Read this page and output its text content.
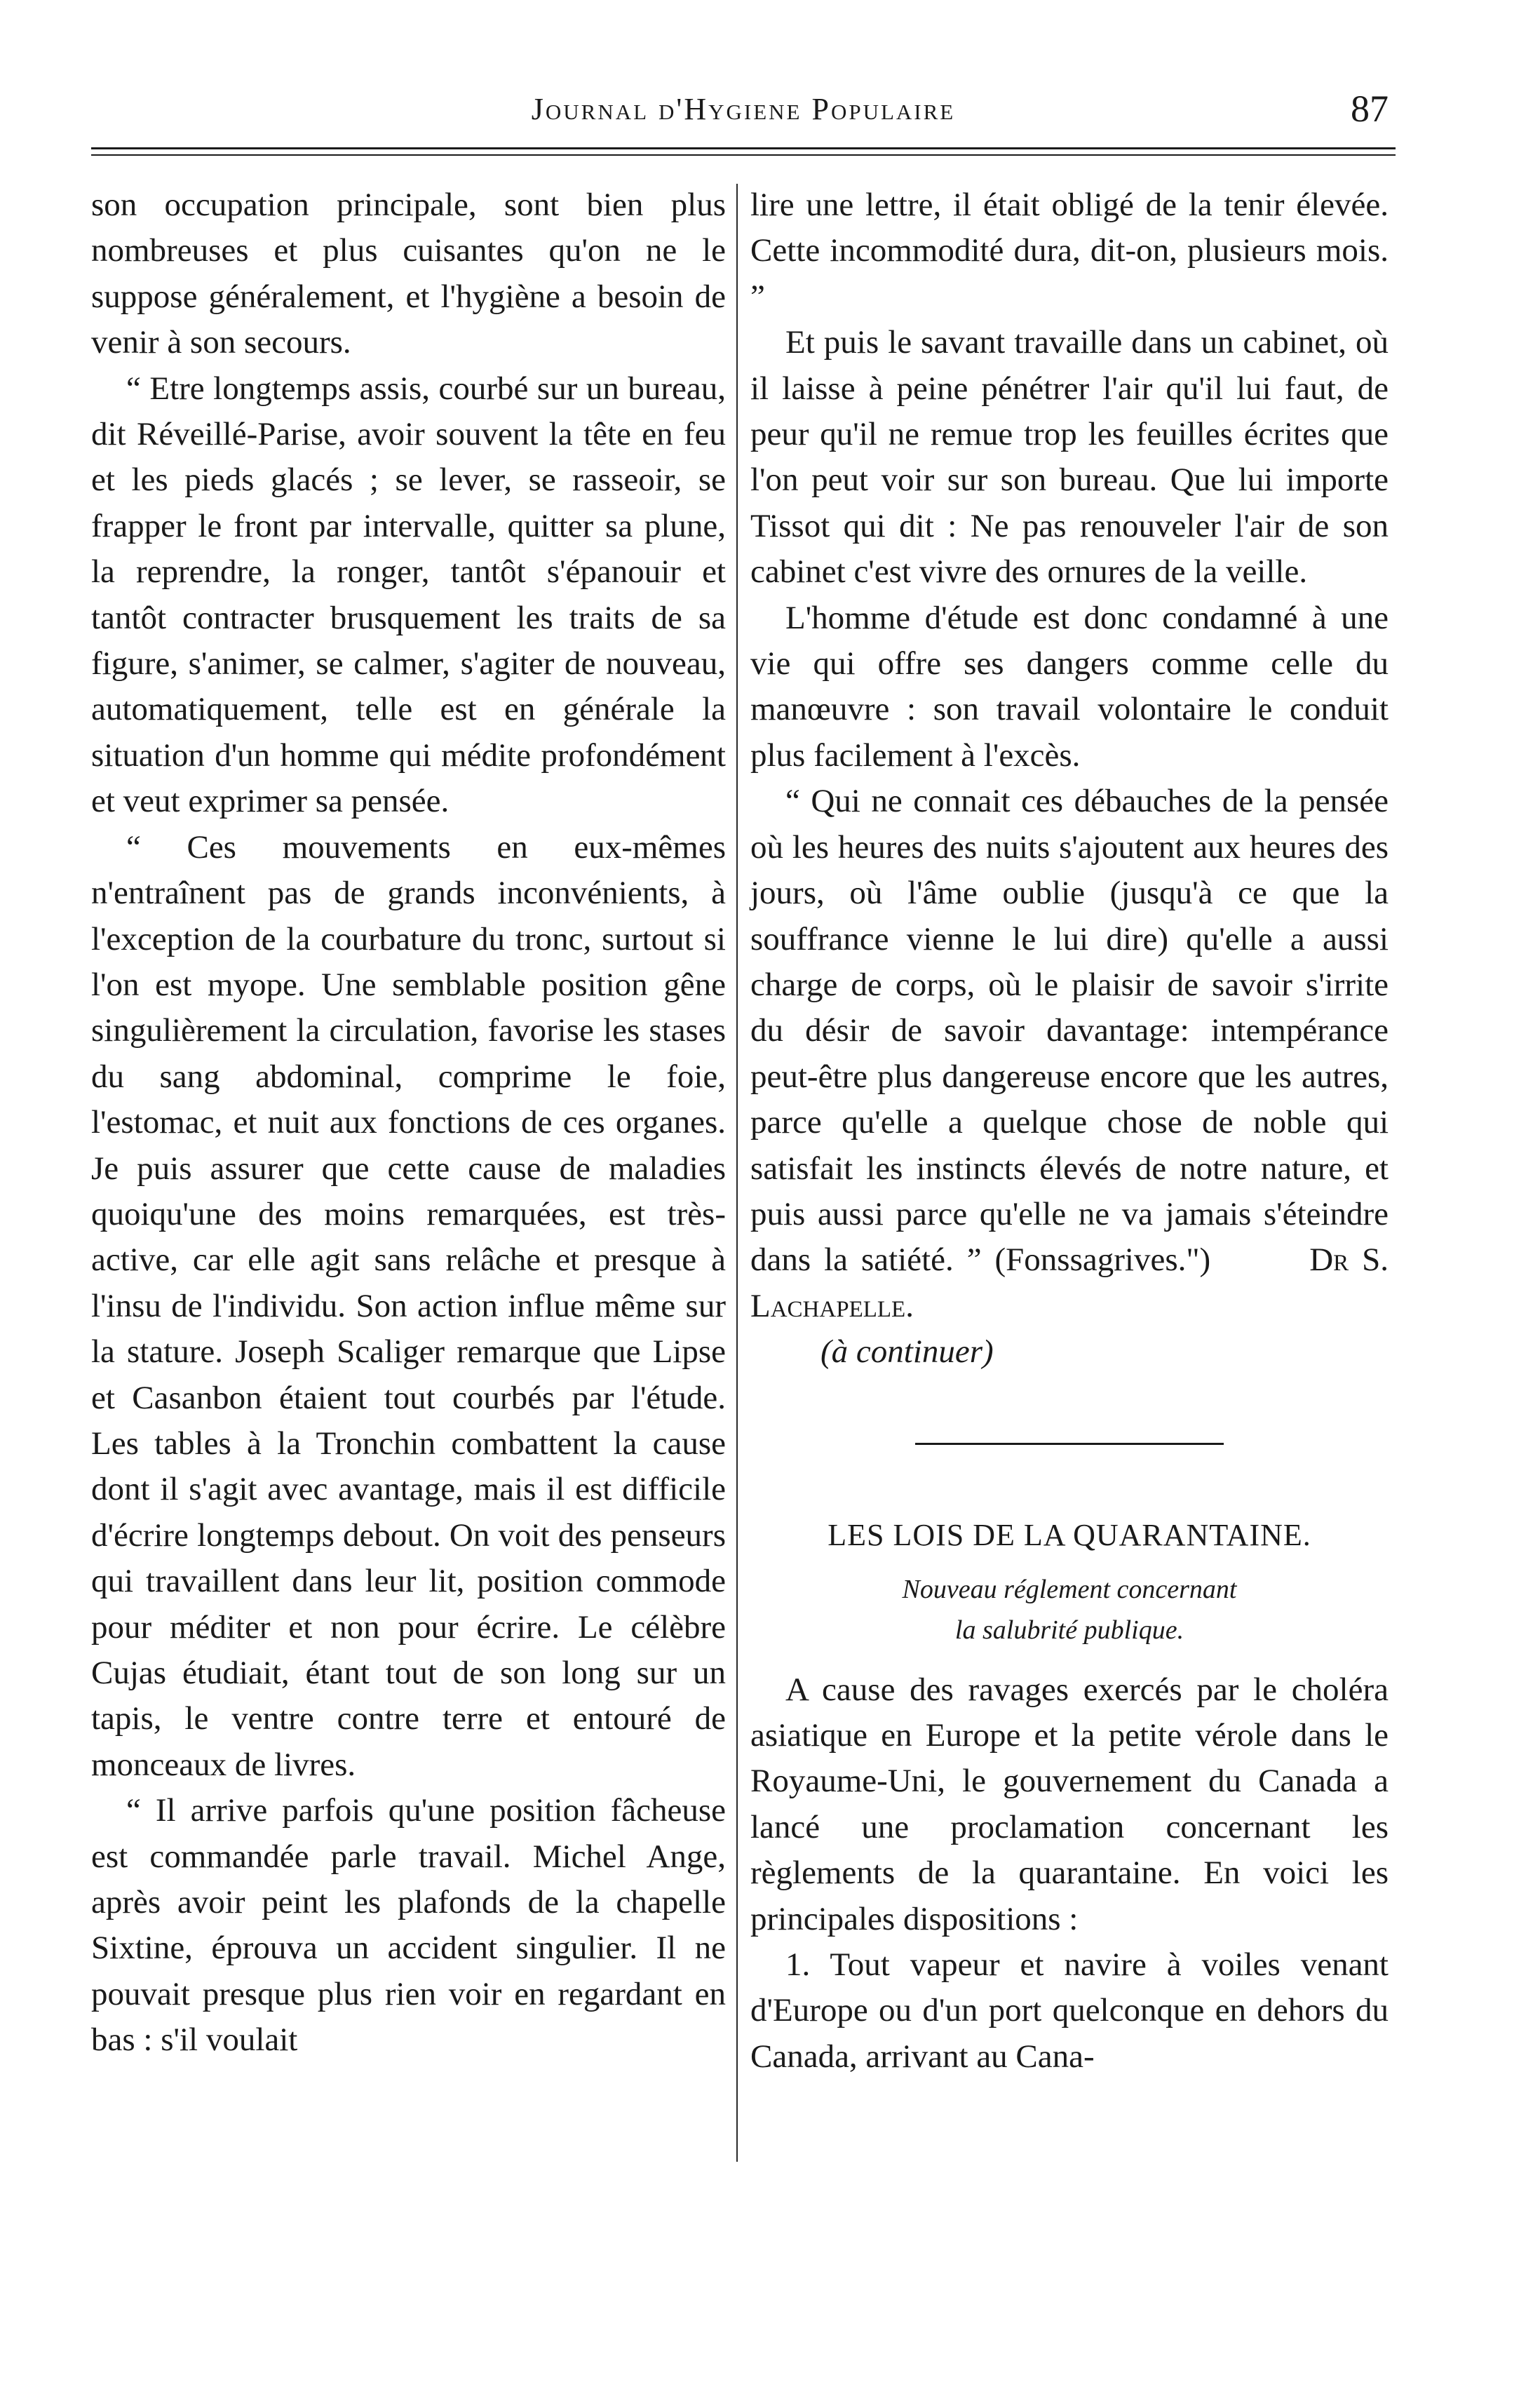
Journal d'Hygiene Populaire	87

son occupation principale, sont bien plus nombreuses et plus cuisantes qu'on ne le suppose généralement, et l'hygiène a besoin de venir à son secours.

“ Etre longtemps assis, courbé sur un bureau, dit Réveillé-Parise, avoir souvent la tête en feu et les pieds glacés ; se lever, se rasseoir, se frapper le front par intervalle, quitter sa plune, la reprendre, la ronger, tantôt s'épanouir et tantôt contracter brusquement les traits de sa figure, s'animer, se calmer, s'agiter de nouveau, automatiquement, telle est en générale la situation d'un homme qui médite profondément et veut exprimer sa pensée.

“ Ces mouvements en eux-mêmes n'entraînent pas de grands inconvénients, à l'exception de la courbature du tronc, surtout si l'on est myope. Une semblable position gêne singulièrement la circulation, favorise les stases du sang abdominal, comprime le foie, l'estomac, et nuit aux fonctions de ces organes. Je puis assurer que cette cause de maladies quoiqu'une des moins remarquées, est très-active, car elle agit sans relâche et presque à l'insu de l'individu. Son action influe même sur la stature. Joseph Scaliger remarque que Lipse et Casanbon étaient tout courbés par l'étude. Les tables à la Tronchin combattent la cause dont il s'agit avec avantage, mais il est difficile d'écrire longtemps debout. On voit des penseurs qui travaillent dans leur lit, position commode pour méditer et non pour écrire. Le célèbre Cujas étudiait, étant tout de son long sur un tapis, le ventre contre terre et entouré de monceaux de livres.

“ Il arrive parfois qu'une position fâcheuse est commandée parle travail. Michel Ange, après avoir peint les plafonds de la chapelle Sixtine, éprouva un accident singulier. Il ne pouvait presque plus rien voir en regardant en bas : s'il voulait

lire une lettre, il était obligé de la tenir élevée. Cette incommodité dura, dit-on, plusieurs mois. ”

Et puis le savant travaille dans un cabinet, où il laisse à peine pénétrer l'air qu'il lui faut, de peur qu'il ne remue trop les feuilles écrites que l'on peut voir sur son bureau. Que lui importe Tissot qui dit : Ne pas renouveler l'air de son cabinet c'est vivre des ornures de la veille.

L'homme d'étude est donc condamné à une vie qui offre ses dangers comme celle du manœuvre : son travail volontaire le conduit plus facilement à l'excès.

“ Qui ne connait ces débauches de la pensée où les heures des nuits s'ajoutent aux heures des jours, où l'âme oublie (jusqu'à ce que la souffrance vienne le lui dire) qu'elle a aussi charge de corps, où le plaisir de savoir s'irrite du désir de savoir davantage: intempérance peut-être plus dangereuse encore que les autres, parce qu'elle a quelque chose de noble qui satisfait les instincts élevés de notre nature, et puis aussi parce qu'elle ne va jamais s'éteindre dans la satiété. ” (Fonssagrives.")   	Dr S. Lachapelle.

(à continuer)

LES LOIS DE LA QUARANTAINE.
Nouveau réglement concernant
la salubrité publique.

A cause des ravages exercés par le choléra asiatique en Europe et la petite vérole dans le Royaume-Uni, le gouvernement du Canada a lancé une proclamation concernant les règlements de la quarantaine. En voici les principales dispositions :

1. Tout vapeur et navire à voiles venant d'Europe ou d'un port quelconque en dehors du Canada, arrivant au Cana-
